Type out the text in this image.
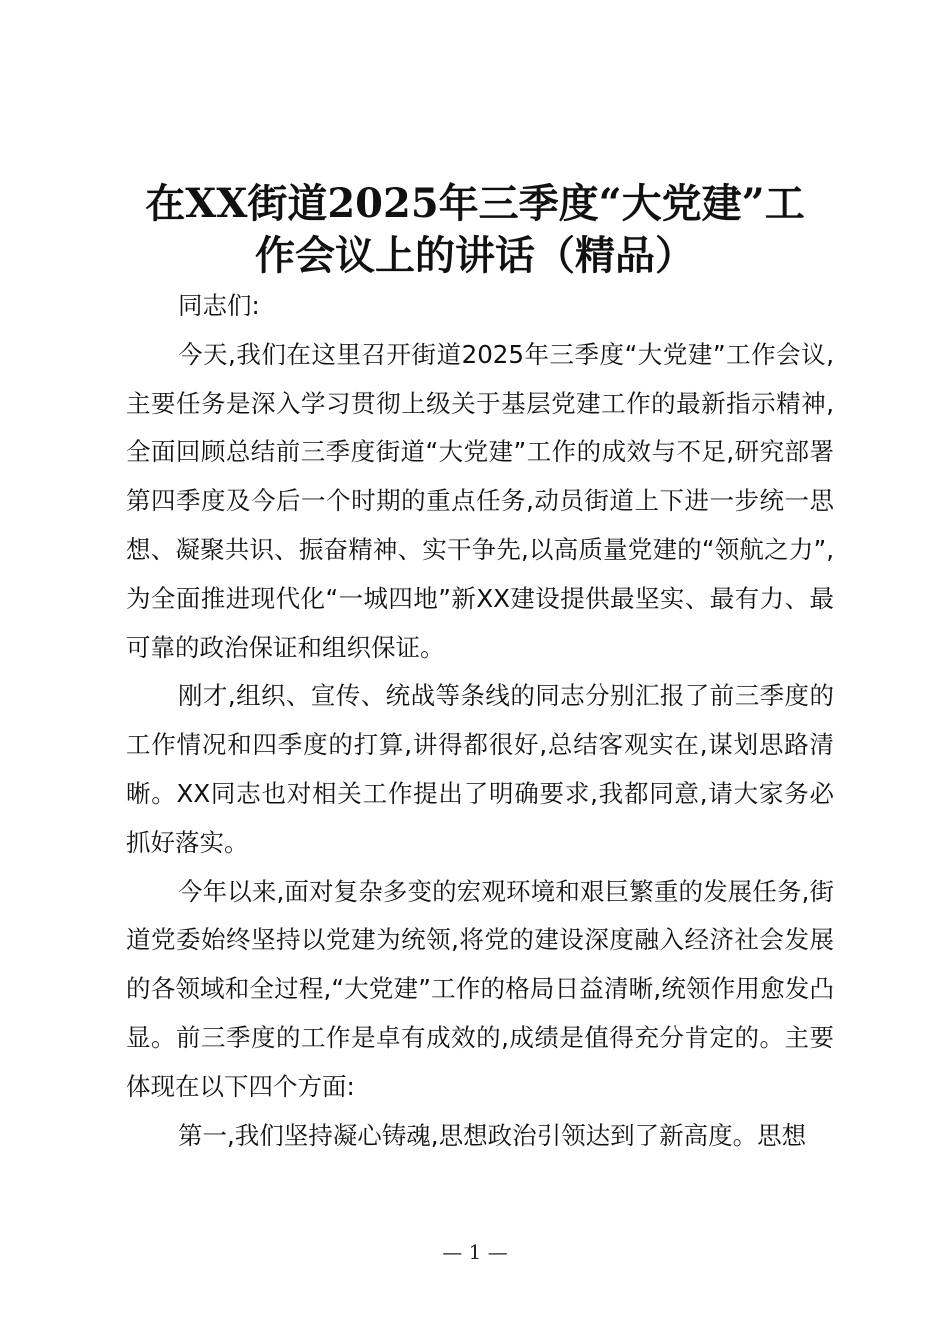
在XX街道2025年三季度“大党建”工
作会议上的讲话（精品）

同志们:

今天,我们在这里召开街道2025年三季度“大党建”工作会议,主要任务是深入学习贯彻上级关于基层党建工作的最新指示精神,全面回顾总结前三季度街道“大党建”工作的成效与不足,研究部署第四季度及今后一个时期的重点任务,动员街道上下进一步统一思想、凝聚共识、振奋精神、实干争先,以高质量党建的“领航之力”,为全面推进现代化“一城四地”新XX建设提供最坚实、最有力、最可靠的政治保证和组织保证。

刚才,组织、宣传、统战等条线的同志分别汇报了前三季度的工作情况和四季度的打算,讲得都很好,总结客观实在,谋划思路清晰。XX同志也对相关工作提出了明确要求,我都同意,请大家务必抓好落实。

今年以来,面对复杂多变的宏观环境和艰巨繁重的发展任务,街道党委始终坚持以党建为统领,将党的建设深度融入经济社会发展的各领域和全过程,“大党建”工作的格局日益清晰,统领作用愈发凸显。前三季度的工作是卓有成效的,成绩是值得充分肯定的。主要体现在以下四个方面:

第一,我们坚持凝心铸魂,思想政治引领达到了新高度。思想

— 1 —
